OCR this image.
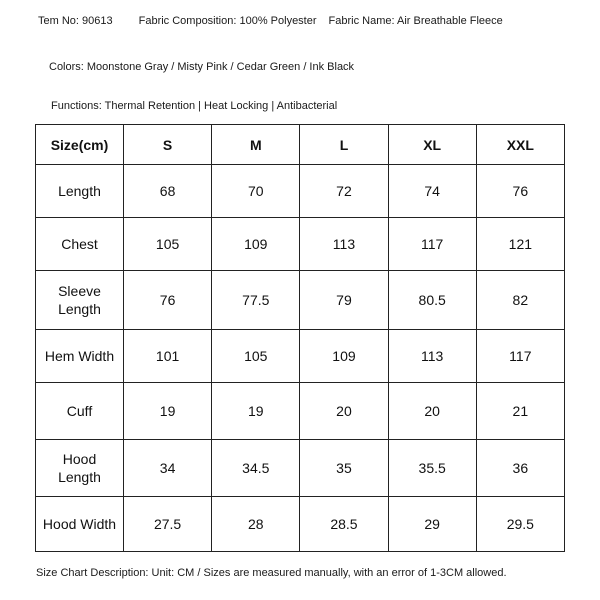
Tem No: 90613 Fabric Composition: 100% Polyester Fabric Name: Air Breathable Fleece
Colors: Moonstone Gray / Misty Pink / Cedar Green / Ink Black
Functions: Thermal Retention | Heat Locking | Antibacterial
Size(cm)	S	M	L	XL	XXL
Length	68	70	72	74	76
Chest	105	109	113	117	121
Sleeve Length	76	77.5	79	80.5	82
Hem Width	101	105	109	113	117
Cuff	19	19	20	20	21
Hood Length	34	34.5	35	35.5	36
Hood Width	27.5	28	28.5	29	29.5
Size Chart Description: Unit: CM / Sizes are measured manually, with an error of 1-3CM allowed.
